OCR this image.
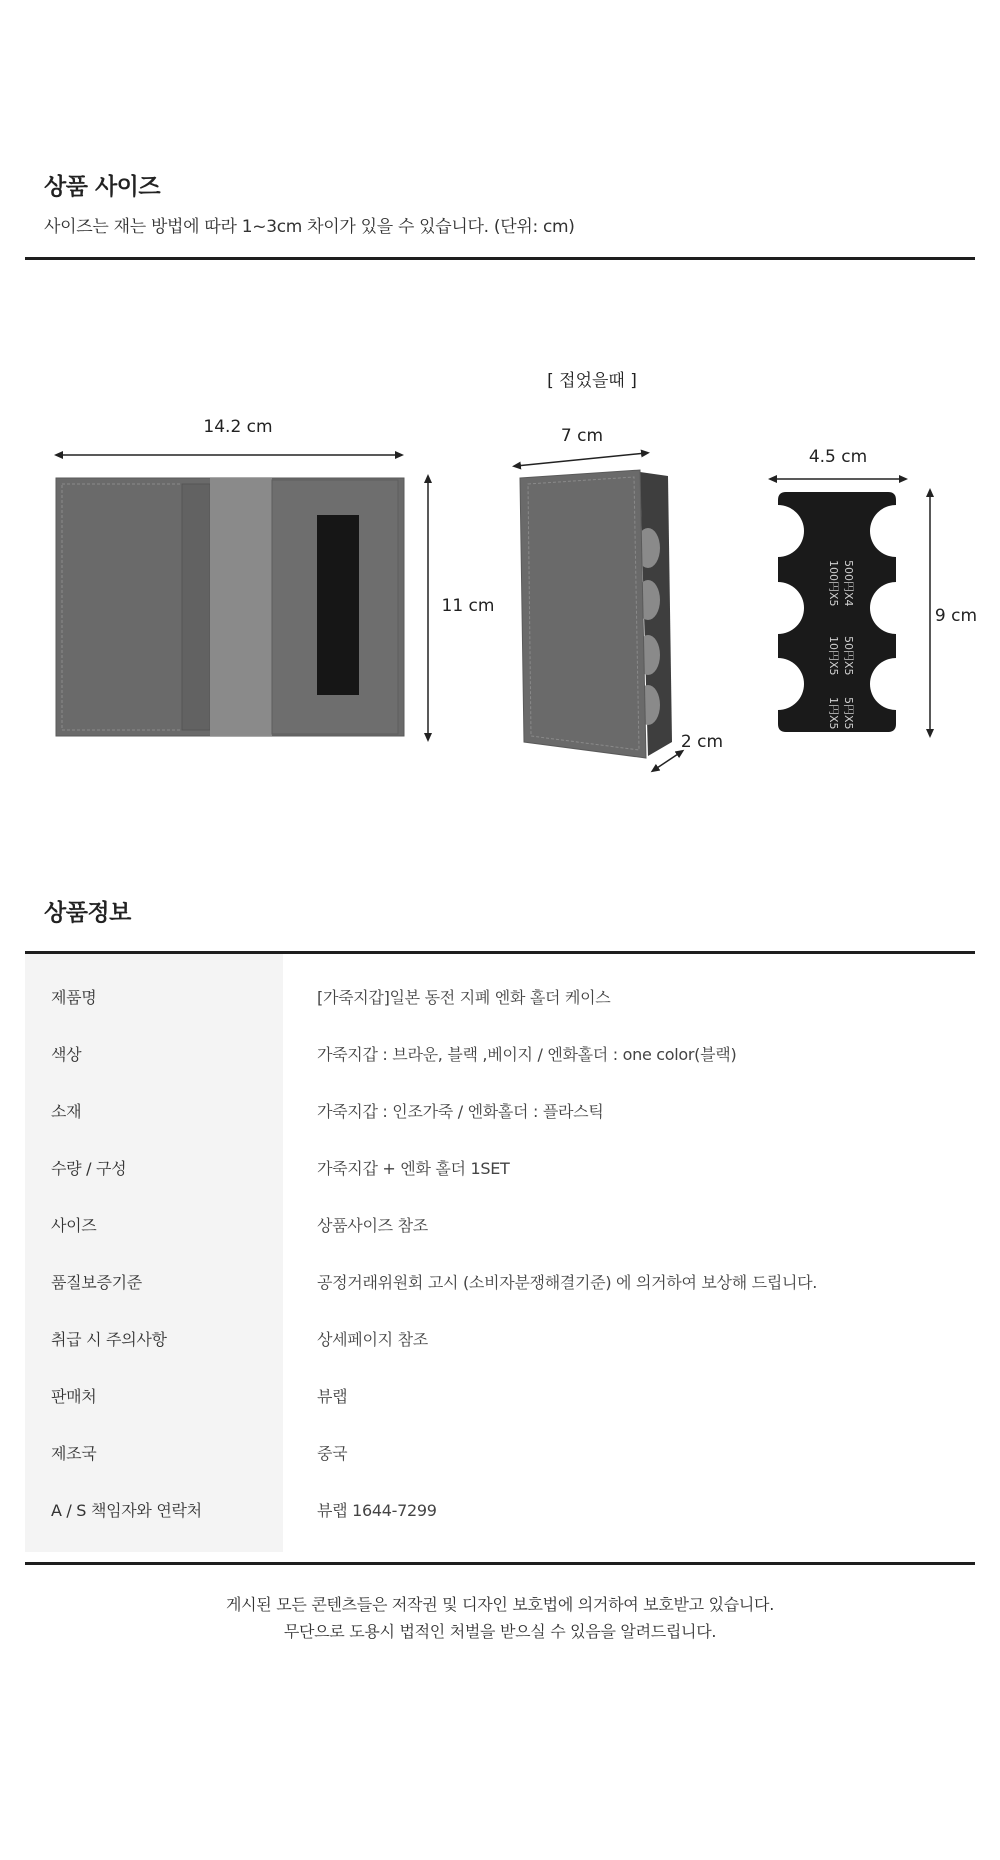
상품 사이즈
사이즈는 재는 방법에 따라 1~3cm 차이가 있을 수 있습니다. (단위: cm)
14.2 cm
11 cm
[ 접었을때 ]
7 cm
2 cm
100円X5 500円X4
10円X5 50円X5
1円X5 5円X5
4.5 cm
9 cm
상품정보
제품명	[가죽지갑]일본 동전 지폐 엔화 홀더 케이스
색상	가죽지갑 : 브라운, 블랙 ,베이지 / 엔화홀더 : one color(블랙)
소재	가죽지갑 : 인조가죽 / 엔화홀더 : 플라스틱
수량 / 구성	가죽지갑 + 엔화 홀더 1SET
사이즈	상품사이즈 참조
품질보증기준	공정거래위원회 고시 (소비자분쟁해결기준) 에 의거하여 보상해 드립니다.
취급 시 주의사항	상세페이지 참조
판매처	뷰랩
제조국	중국
A / S 책임자와 연락처	뷰랩 1644-7299
게시된 모든 콘텐츠들은 저작권 및 디자인 보호법에 의거하여 보호받고 있습니다.
무단으로 도용시 법적인 처벌을 받으실 수 있음을 알려드립니다.
